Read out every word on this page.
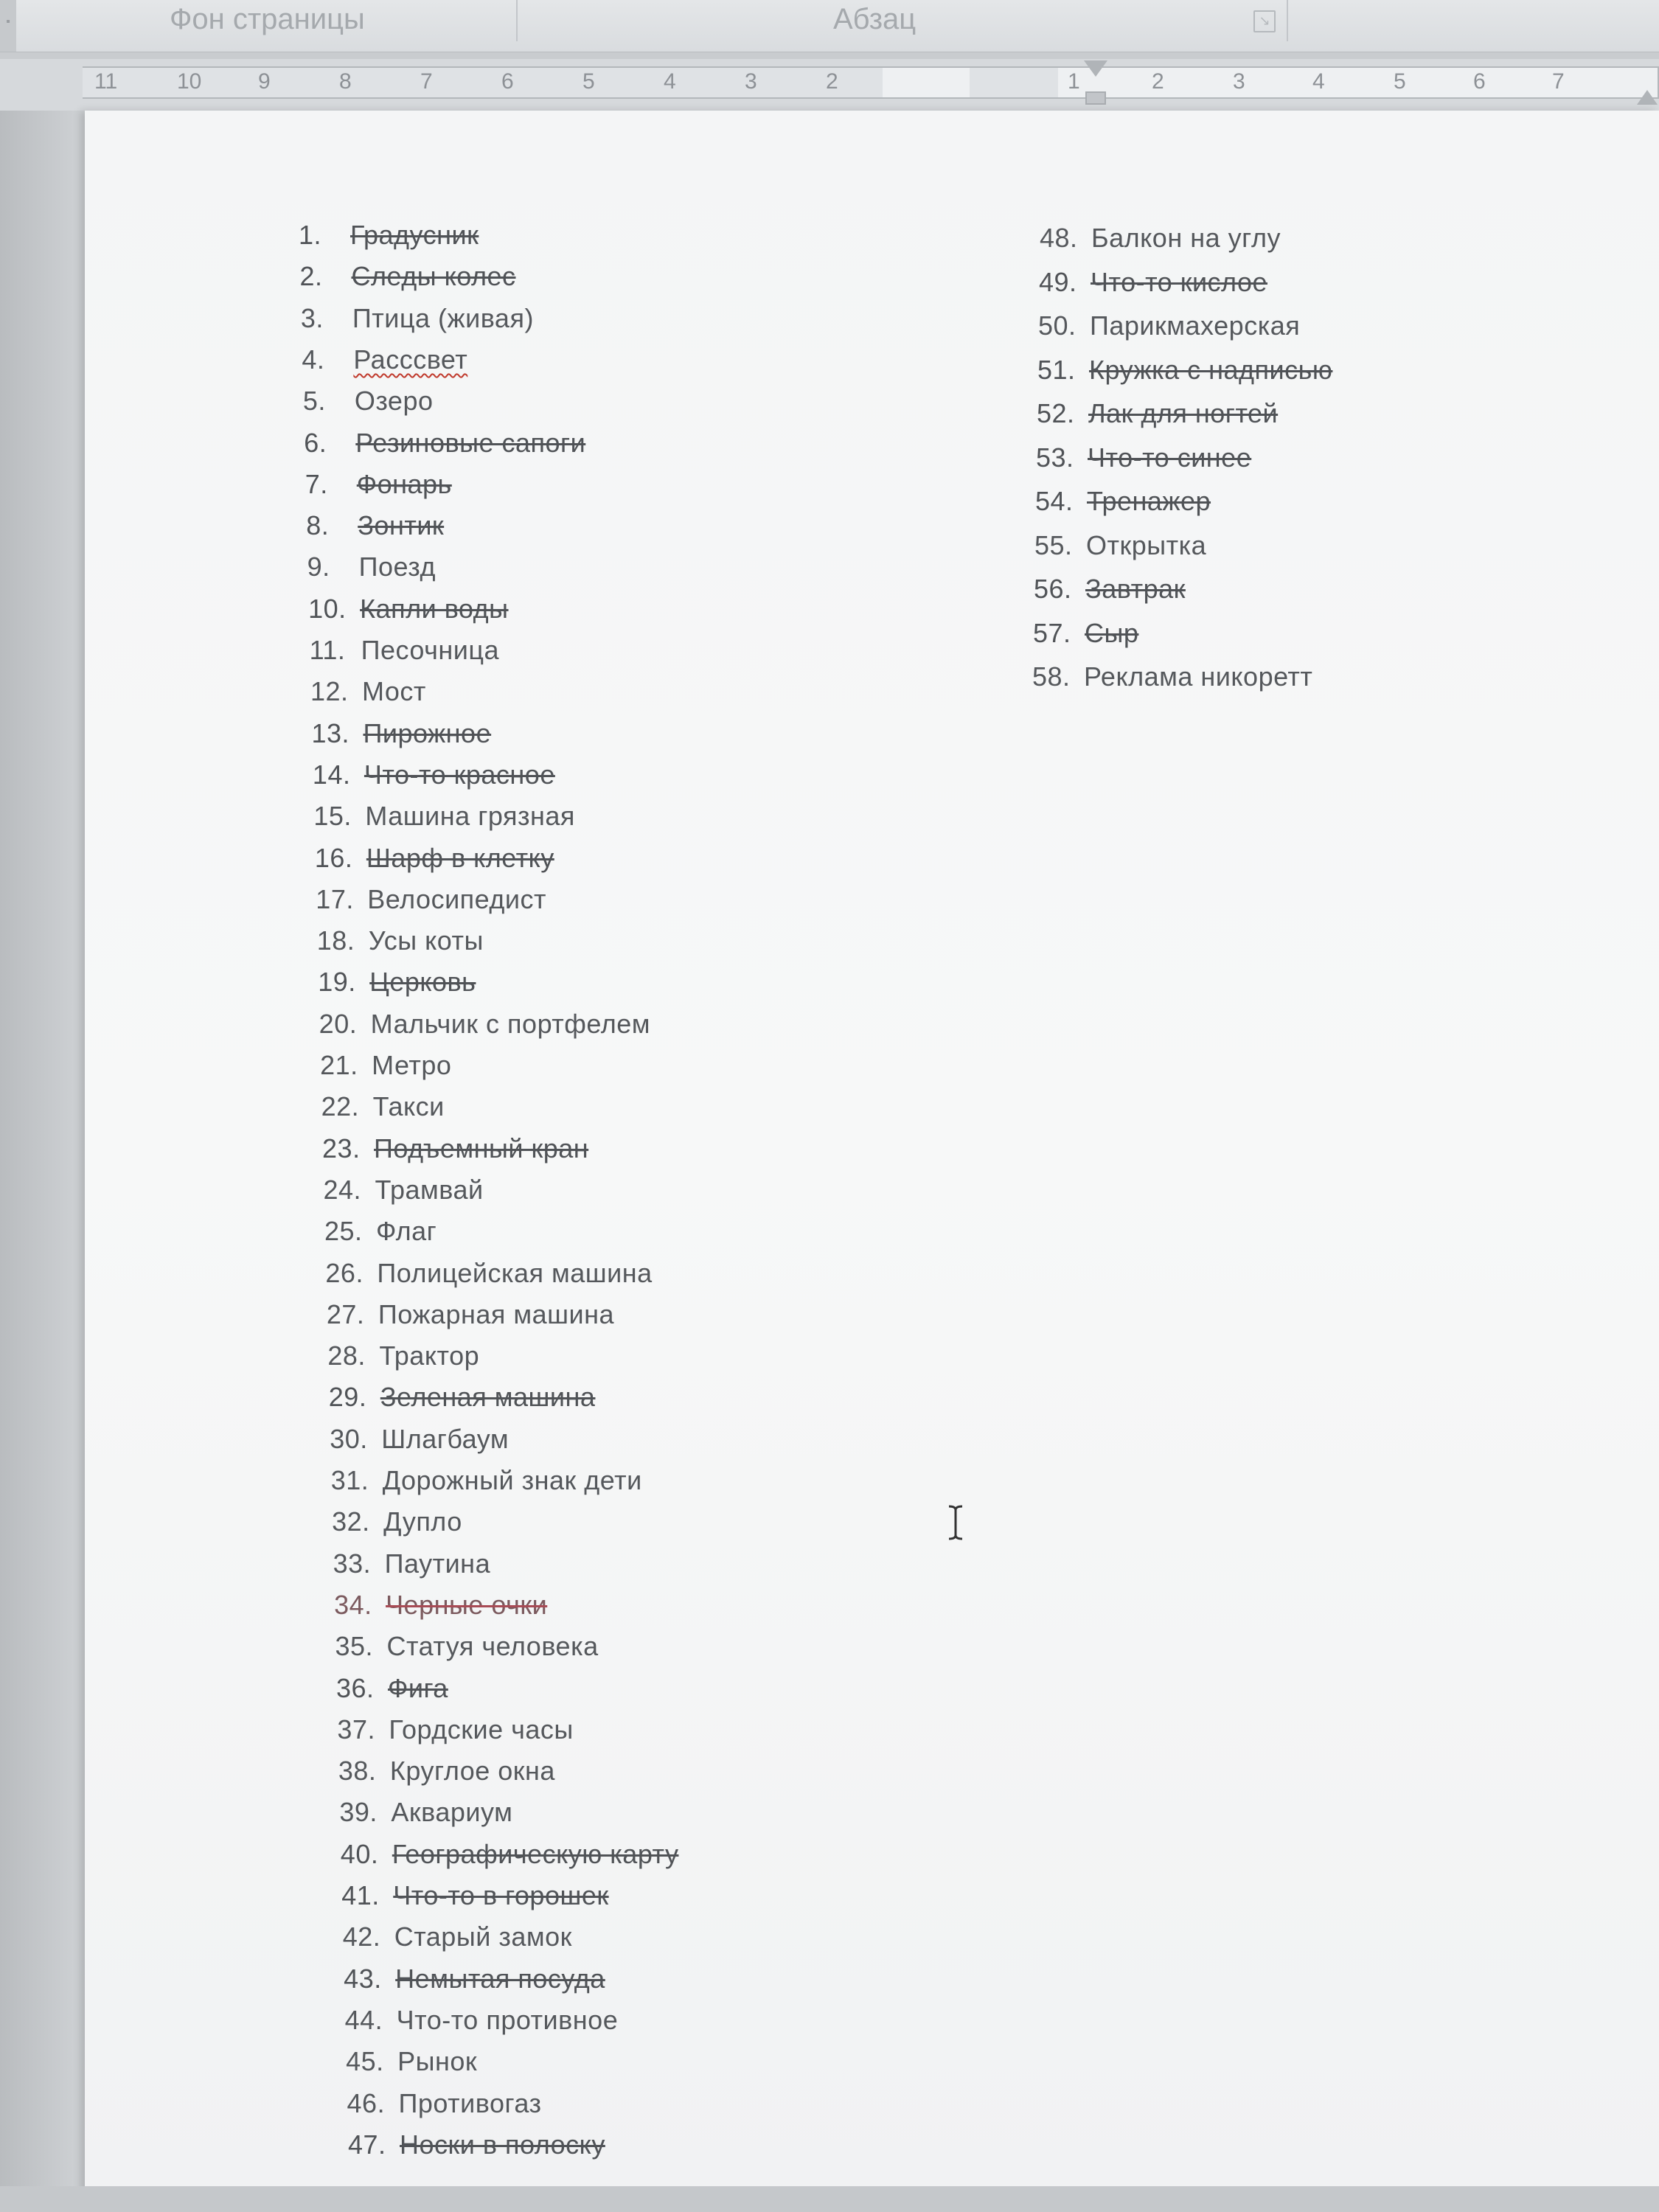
▪	Фон страницы	Абзац	↘
11	10	9	8	7	6	5	4	3	2	1	2	3	4	5	6	7
1. Градусник
2. Следы колес
3. Птица (живая)
4. Расссвет
5. Озеро
6. Резиновые сапоги
7. Фонарь
8. Зонтик
9. Поезд
10. Капли воды
11. Песочница
12. Мост
13. Пирожное
14. Что-то красное
15. Машина грязная
16. Шарф в клетку
17. Велосипедист
18. Усы коты
19. Церковь
20. Мальчик с портфелем
21. Метро
22. Такси
23. Подъемный кран
24. Трамвай
25. Флаг
26. Полицейская машина
27. Пожарная машина
28. Трактор
29. Зеленая машина
30. Шлагбаум
31. Дорожный знак дети
32. Дупло
33. Паутина
34. Черные очки
35. Статуя человека
36. Фига
37. Гордские часы
38. Круглое окна
39. Аквариум
40. Географическую карту
41. Что-то в горошек
42. Старый замок
43. Немытая посуда
44. Что-то противное
45. Рынок
46. Противогаз
47. Носки в полоску
48. Балкон на углу
49. Что-то кислое
50. Парикмахерская
51. Кружка с надписью
52. Лак для ногтей
53. Что-то синее
54. Тренажер
55. Открытка
56. Завтрак
57. Сыр
58. Реклама никоретт
